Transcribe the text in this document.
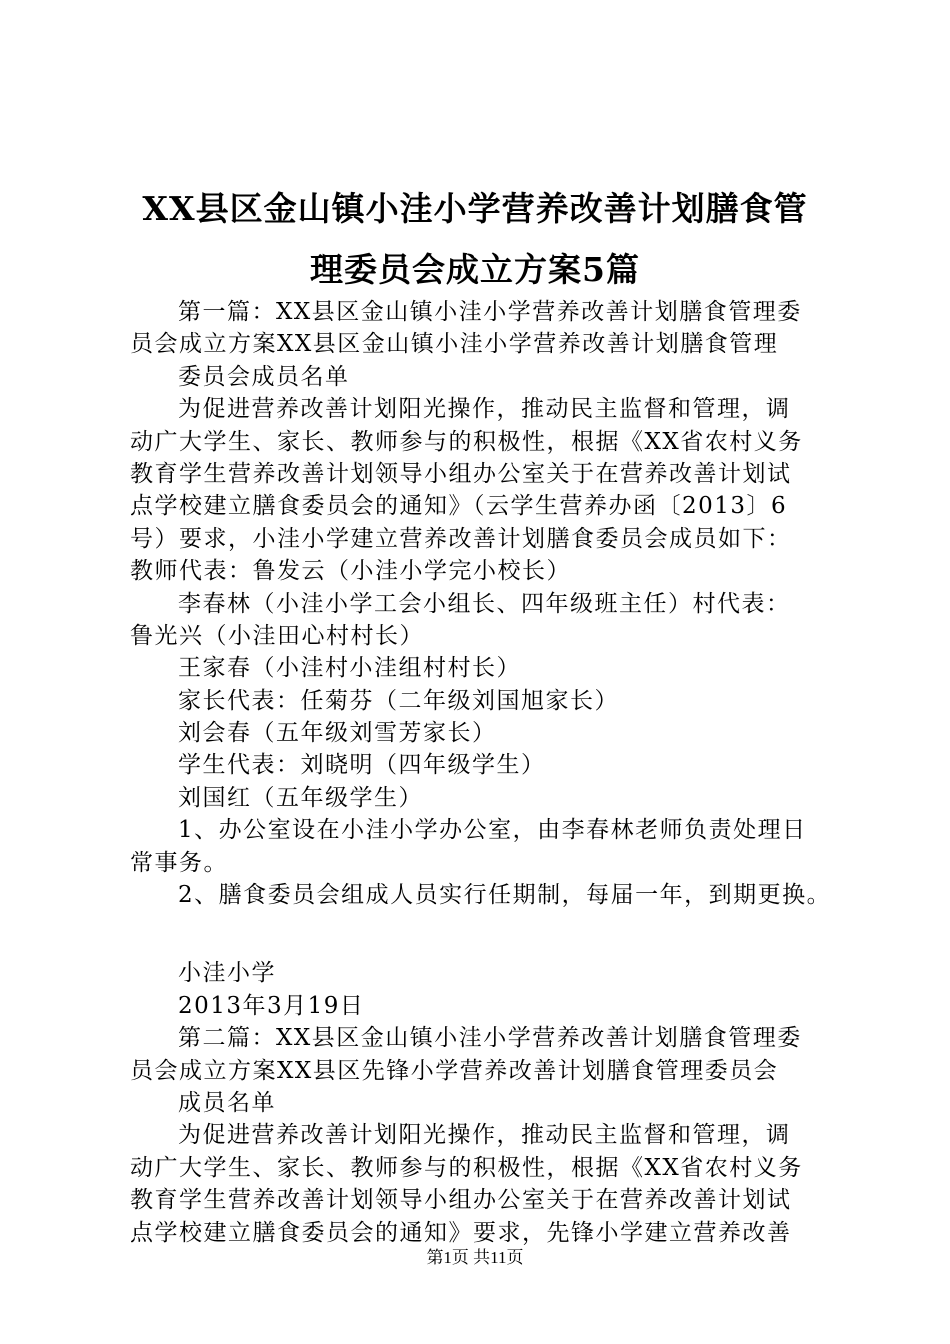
XX县区金山镇小洼小学营养改善计划膳食管
理委员会成立方案5篇
第一篇：XX县区金山镇小洼小学营养改善计划膳食管理委
员会成立方案XX县区金山镇小洼小学营养改善计划膳食管理
委员会成员名单
为促进营养改善计划阳光操作，推动民主监督和管理，调
动广大学生、家长、教师参与的积极性，根据《XX省农村义务
教育学生营养改善计划领导小组办公室关于在营养改善计划试
点学校建立膳食委员会的通知》（云学生营养办函〔2013〕6
号）要求，小洼小学建立营养改善计划膳食委员会成员如下：
教师代表：鲁发云（小洼小学完小校长）
李春林（小洼小学工会小组长、四年级班主任）村代表：
鲁光兴（小洼田心村村长）
王家春（小洼村小洼组村村长）
家长代表：任菊芬（二年级刘国旭家长）
刘会春（五年级刘雪芳家长）
学生代表：刘晓明（四年级学生）
刘国红（五年级学生）
1、办公室设在小洼小学办公室，由李春林老师负责处理日
常事务。
2、膳食委员会组成人员实行任期制，每届一年，到期更换。
小洼小学
2013年3月19日
第二篇：XX县区金山镇小洼小学营养改善计划膳食管理委
员会成立方案XX县区先锋小学营养改善计划膳食管理委员会
成员名单
为促进营养改善计划阳光操作，推动民主监督和管理，调
动广大学生、家长、教师参与的积极性，根据《XX省农村义务
教育学生营养改善计划领导小组办公室关于在营养改善计划试
点学校建立膳食委员会的通知》要求，先锋小学建立营养改善
第1页 共11页
